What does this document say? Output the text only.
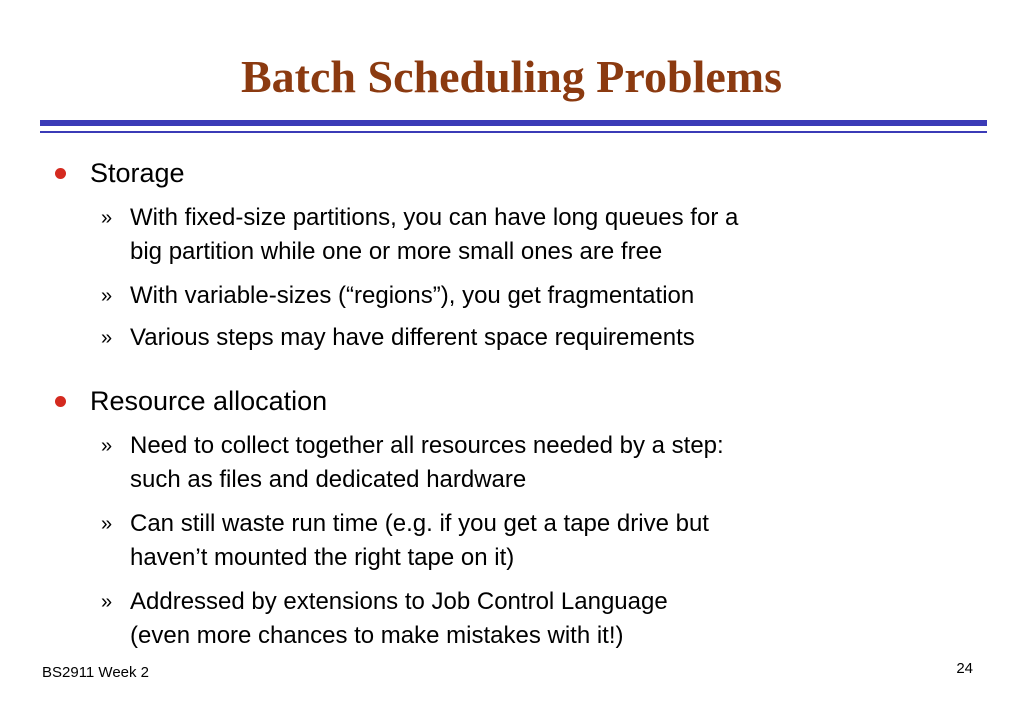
Batch Scheduling Problems
Storage
» With fixed-size partitions, you can have long queues for a
big partition while one or more small ones are free
» With variable-sizes (“regions”), you get fragmentation
» Various steps may have different space requirements
Resource allocation
» Need to collect together all resources needed by a step:
such as files and dedicated hardware
» Can still waste run time (e.g. if you get a tape drive but
haven’t mounted the right tape on it)
» Addressed by extensions to Job Control Language
(even more chances to make mistakes with it!)
BS2911 Week 2	24
